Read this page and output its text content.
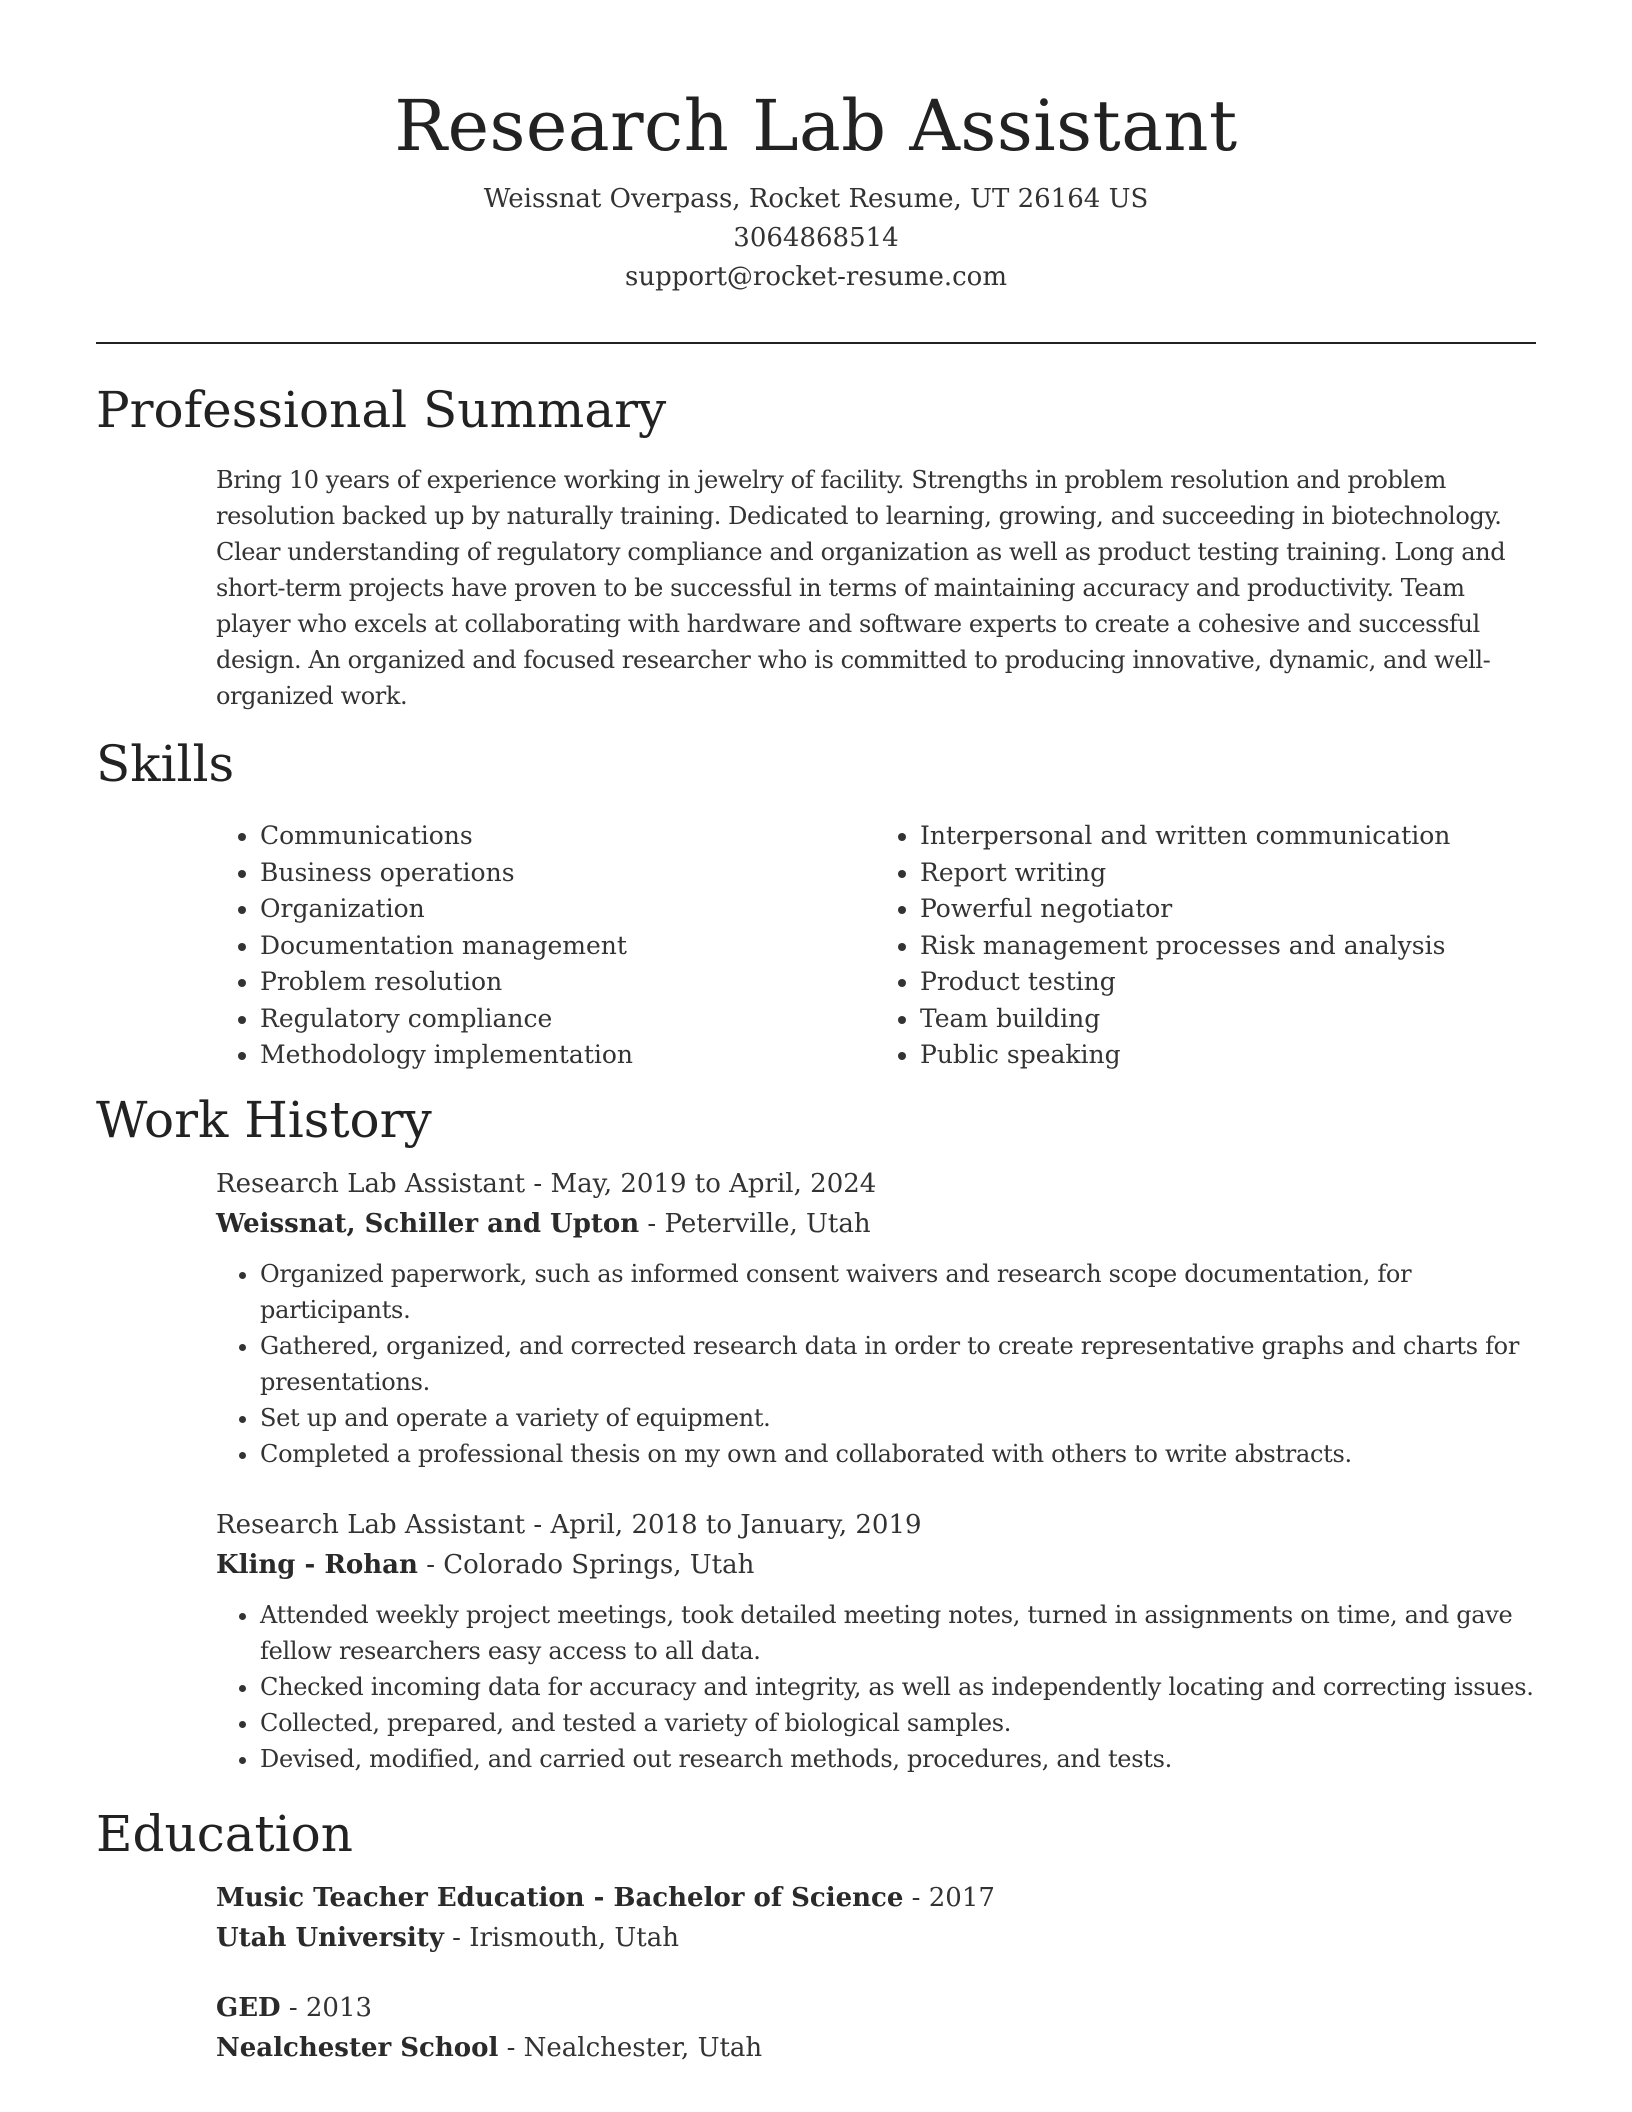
Research Lab Assistant
Weissnat Overpass, Rocket Resume, UT 26164 US
3064868514
support@rocket-resume.com
Professional Summary

Bring 10 years of experience working in jewelry of facility. Strengths in problem resolution and problem resolution backed up by naturally training. Dedicated to learning, growing, and succeeding in biotechnology. Clear understanding of regulatory compliance and organization as well as product testing training. Long and short-term projects have proven to be successful in terms of maintaining accuracy and productivity. Team player who excels at collaborating with hardware and software experts to create a cohesive and successful design. An organized and focused researcher who is committed to producing innovative, dynamic, and well-organized work.

Skills
• Communications
• Business operations
• Organization
• Documentation management
• Problem resolution
• Regulatory compliance
• Methodology implementation
• Interpersonal and written communication
• Report writing
• Powerful negotiator
• Risk management processes and analysis
• Product testing
• Team building
• Public speaking
Work History
Research Lab Assistant - May, 2019 to April, 2024
Weissnat, Schiller and Upton - Peterville, Utah
• Organized paperwork, such as informed consent waivers and research scope documentation, for participants.
• Gathered, organized, and corrected research data in order to create representative graphs and charts for presentations.
• Set up and operate a variety of equipment.
• Completed a professional thesis on my own and collaborated with others to write abstracts.
Research Lab Assistant - April, 2018 to January, 2019
Kling - Rohan - Colorado Springs, Utah
• Attended weekly project meetings, took detailed meeting notes, turned in assignments on time, and gave fellow researchers easy access to all data.
• Checked incoming data for accuracy and integrity, as well as independently locating and correcting issues.
• Collected, prepared, and tested a variety of biological samples.
• Devised, modified, and carried out research methods, procedures, and tests.
Education
Music Teacher Education - Bachelor of Science - 2017
Utah University - Irismouth, Utah
GED - 2013
Nealchester School - Nealchester, Utah
